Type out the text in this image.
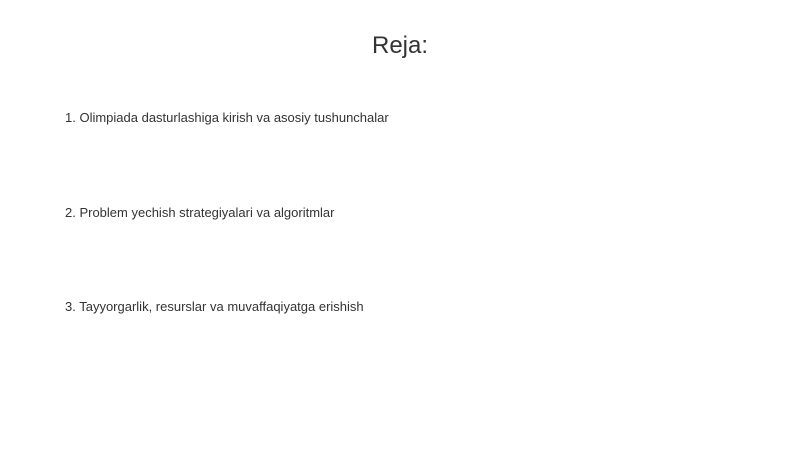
Reja:
1. Olimpiada dasturlashiga kirish va asosiy tushunchalar
2. Problem yechish strategiyalari va algoritmlar
3. Tayyorgarlik, resurslar va muvaffaqiyatga erishish
